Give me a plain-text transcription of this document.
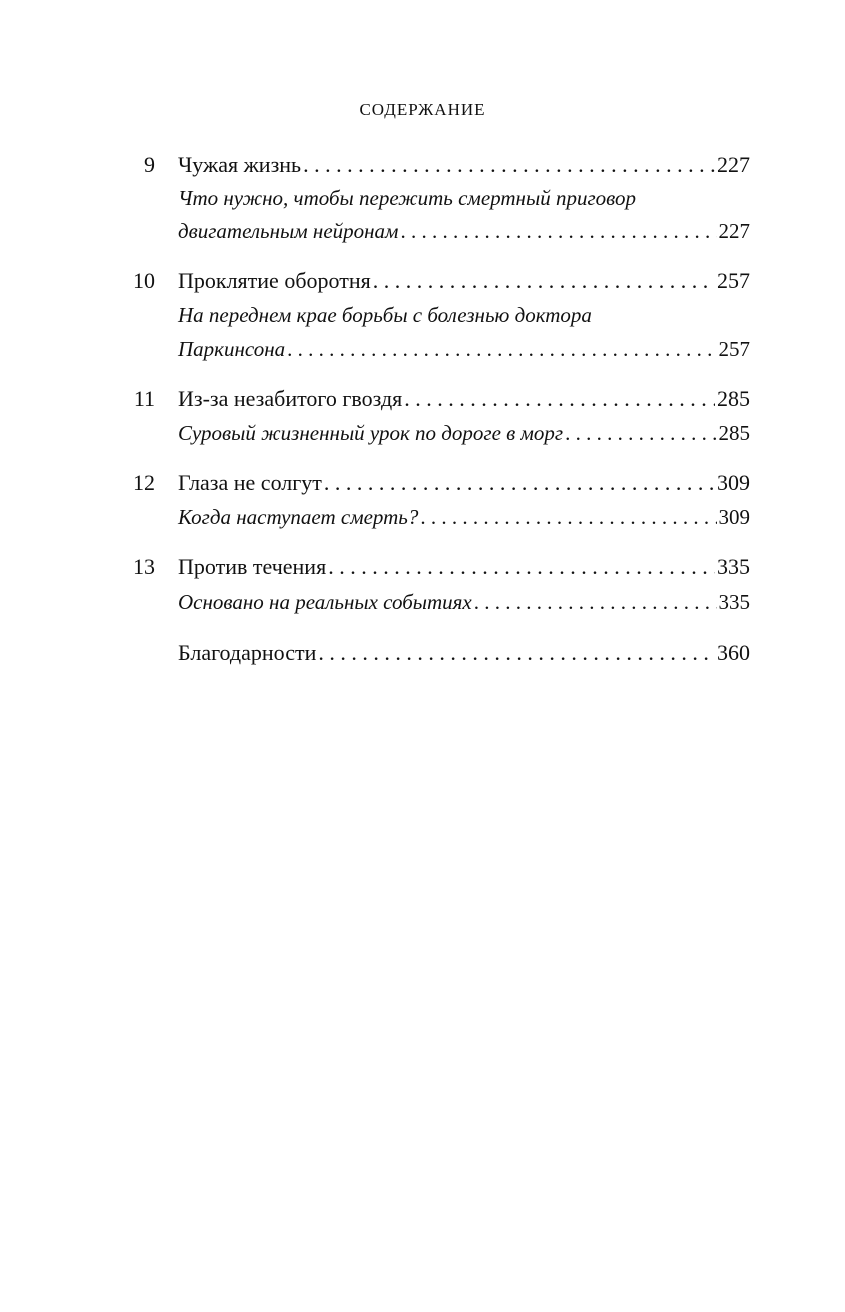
СОДЕРЖАНИЕ
9 Чужая жизнь . . .	227
Что нужно, чтобы пережить смертный приговор
двигательным нейронам . . .	227
10 Проклятие оборотня . . .	257
На переднем крае борьбы с болезнью доктора
Паркинсона . . .	257
11 Из-за незабитого гвоздя . . .	285
Суровый жизненный урок по дороге в морг . . .	285
12 Глаза не солгут . . .	309
Когда наступает смерть? . . .	309
13 Против течения . . .	335
Основано на реальных событиях . . .	335
Благодарности . . .	360
